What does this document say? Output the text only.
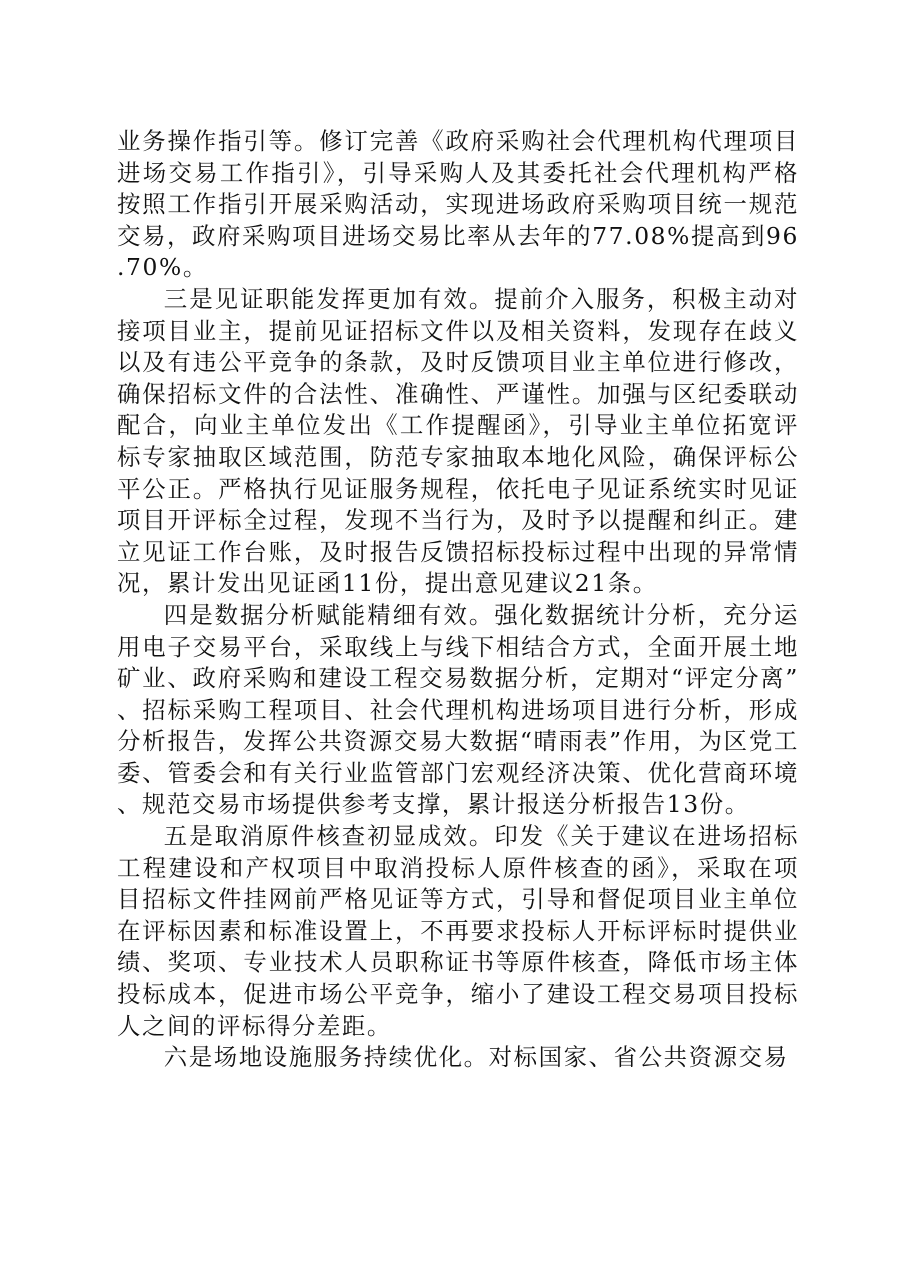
业务操作指引等。修订完善《政府采购社会代理机构代理项目进场交易工作指引》，引导采购人及其委托社会代理机构严格按照工作指引开展采购活动，实现进场政府采购项目统一规范交易，政府采购项目进场交易比率从去年的77.08%提高到96.70%。

三是见证职能发挥更加有效。提前介入服务，积极主动对接项目业主，提前见证招标文件以及相关资料，发现存在歧义以及有违公平竞争的条款，及时反馈项目业主单位进行修改，确保招标文件的合法性、准确性、严谨性。加强与区纪委联动配合，向业主单位发出《工作提醒函》，引导业主单位拓宽评标专家抽取区域范围，防范专家抽取本地化风险，确保评标公平公正。严格执行见证服务规程，依托电子见证系统实时见证项目开评标全过程，发现不当行为，及时予以提醒和纠正。建立见证工作台账，及时报告反馈招标投标过程中出现的异常情况，累计发出见证函11份，提出意见建议21条。

四是数据分析赋能精细有效。强化数据统计分析，充分运用电子交易平台，采取线上与线下相结合方式，全面开展土地矿业、政府采购和建设工程交易数据分析，定期对“评定分离”、招标采购工程项目、社会代理机构进场项目进行分析，形成分析报告，发挥公共资源交易大数据“晴雨表”作用，为区党工委、管委会和有关行业监管部门宏观经济决策、优化营商环境、规范交易市场提供参考支撑，累计报送分析报告13份。

五是取消原件核查初显成效。印发《关于建议在进场招标工程建设和产权项目中取消投标人原件核查的函》，采取在项目招标文件挂网前严格见证等方式，引导和督促项目业主单位在评标因素和标准设置上，不再要求投标人开标评标时提供业绩、奖项、专业技术人员职称证书等原件核查，降低市场主体投标成本，促进市场公平竞争，缩小了建设工程交易项目投标人之间的评标得分差距。

六是场地设施服务持续优化。对标国家、省公共资源交易
